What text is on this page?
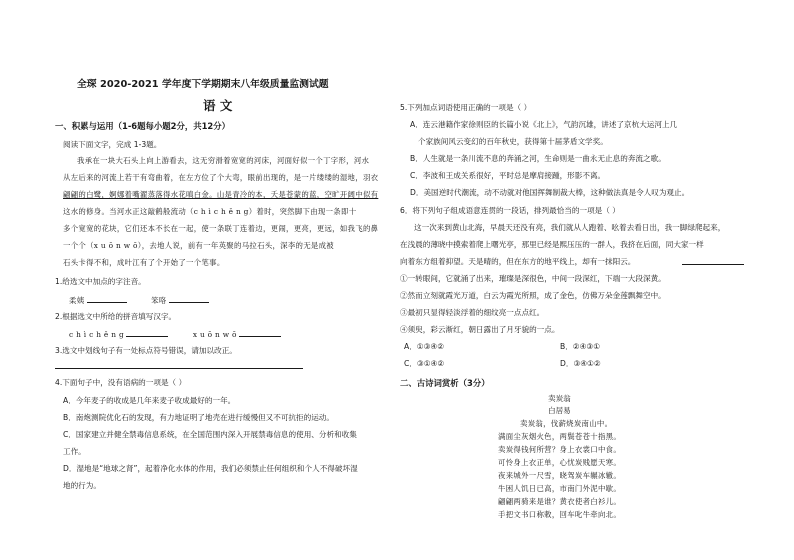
全琛 2020-2021 学年度下学期期末八年级质量监测试题
语 文
一、积累与运用（1-6题每小题2分，共12分）
阅读下面文字，完成 1-3题。
我承在一块大石头上向上游看去，这无穷滑着宽宽的河床，河面好似一个丁字形，河水
从左后来的河流上若干有弯曲着，在左方位了个大弯，眼前出现的，是一片缕缕的湿地，羽衣
翩翩的白鹭，婀娜着嘴濯蒸落得水花嗔白金。山是青冷的本，夭是苍蒙的蓝，空旷开阔中似有
这水的修身。当河水正这敲鹤般流动（c h ì c h ě n g）着时，突然脚下由现一条即十
多个宽宽的花块，它们还本不长在一起，使一条联丁连着边，更闹，更亮，更远，如我飞的鼻
一个个（x u ō n w ō），去地人说，前有一年英聚的马拉石头，深李的无是成被
石头卡得不和，成叶江有了个开始了一个笔事。
1.给选文中加点的字注音。
柔姨	笨咯
2.根据选文中所给的拼音填写汉字。
c h ì c h ě n g	x u ō n w ō
3.选文中划线句子有一处标点符号错误，请加以改正。
4.下面句子中，没有语病的一项是（ ）
A．今年麦子的收成是几年来麦子收成最好的一年。
B．南炮测院优化石的发现，有力地证明了地壳在进行缓慢但又不可抗拒的运动。
C．国家建立并健全禁毒信息系统，在全国范围内深入开展禁毒信息的使用、分析和收集
工作。
D．湿地是“地球之肾”，起着净化水体的作用，我们必须禁止任何组织和个人不得破坏湿
地的行为。
5.下列加点词语使用正确的一项是（ ）
A．连云港籍作家徐则臣的长篇小说《北上》，气韵沉雄，讲述了京杭大运河上几
个家族间风云变幻的百年秋史，获得第十届茅盾文学奖。
B．人生就是一条川流不息的奔涌之河，生命则是一曲永无止息的奔流之歌。
C．李波和王成关系很好，平时总是摩肩接踵，形影不离。
D．美国逆时代潮流，动不动就对他国挥舞制裁大棒，这种做法真是令人叹为观止。
6．将下列句子组成语意连贯的一段话，排列最恰当的一项是（ ）
这一次来到黄山北海，早晨天还没有亮，我们就从人跑着、吆着去看日出，我一脚绿爬起来，
在浅晨的薄晓中摸索着爬上曙光亭，那里已经是熙压压的一群人，我挤在后面，同大家一样
向着东方组着抑望。天是晴的，但在东方的地平线上，却有一抹阳云。
①一转眼间，它就涌了出来，璀璨是深很色，中间一段深红，下端一大段深黄。
②然而立刻就霞光万道，白云为霞光所照，成了金色，仿佛万朵金莲飘舞空中。
③最初只显得轻淡浮着的细纹亮一点点红。
④须臾，彩云渐红，朝日露出了月牙貌的一点。
A．①③④②	B．②④③①
C．③①④②	D．③④①②
二、古诗词赏析（3分）
卖炭翁
白居易
卖炭翁，伐薪烧炭南山中。
满面尘灰烟火色，两鬓苍苍十指黑。
卖炭得钱何所营？身上衣裳口中食。
可怜身上衣正单，心忧炭贱愿天寒。
夜来城外一尺雪，晓驾炭车辗冰辙。
牛困人饥日已高，市南门外泥中歇。
翩翩两骑来是谁？黄衣使者白衫儿。
手把文书口称敕，回车叱牛牵向北。
